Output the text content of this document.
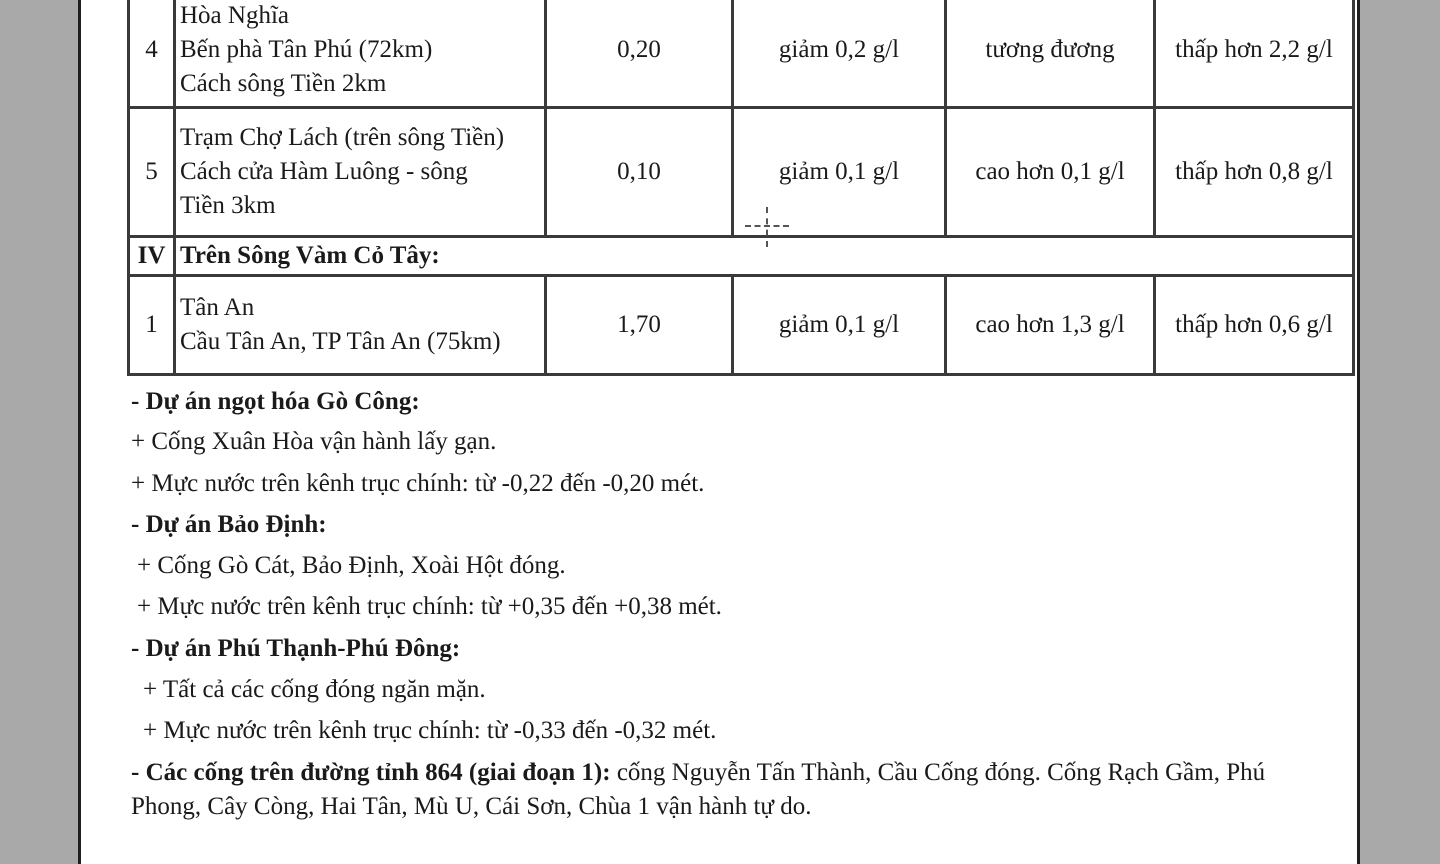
4	Hòa Nghĩa
Bến phà Tân Phú (72km)
Cách sông Tiền 2km	0,20	giảm 0,2 g/l	tương đương	thấp hơn 2,2 g/l
5	Trạm Chợ Lách (trên sông Tiền)
Cách cửa Hàm Luông - sông
Tiền 3km	0,10	giảm 0,1 g/l	cao hơn 0,1 g/l	thấp hơn 0,8 g/l
IV	Trên Sông Vàm Cỏ Tây:				
1	Tân An
Cầu Tân An, TP Tân An (75km)	1,70	giảm 0,1 g/l	cao hơn 1,3 g/l	thấp hơn 0,6 g/l

- Dự án ngọt hóa Gò Công:

+ Cống Xuân Hòa vận hành lấy gạn.

+ Mực nước trên kênh trục chính: từ -0,22 đến -0,20 mét.

- Dự án Bảo Định:

+ Cống Gò Cát, Bảo Định, Xoài Hột đóng.

+ Mực nước trên kênh trục chính: từ +0,35 đến +0,38 mét.

- Dự án Phú Thạnh-Phú Đông:

+ Tất cả các cống đóng ngăn mặn.

+ Mực nước trên kênh trục chính: từ -0,33 đến -0,32 mét.

- Các cống trên đường tỉnh 864 (giai đoạn 1): cống Nguyễn Tấn Thành, Cầu Cống đóng. Cống Rạch Gầm, Phú Phong, Cây Còng, Hai Tân, Mù U, Cái Sơn, Chùa 1 vận hành tự do.
